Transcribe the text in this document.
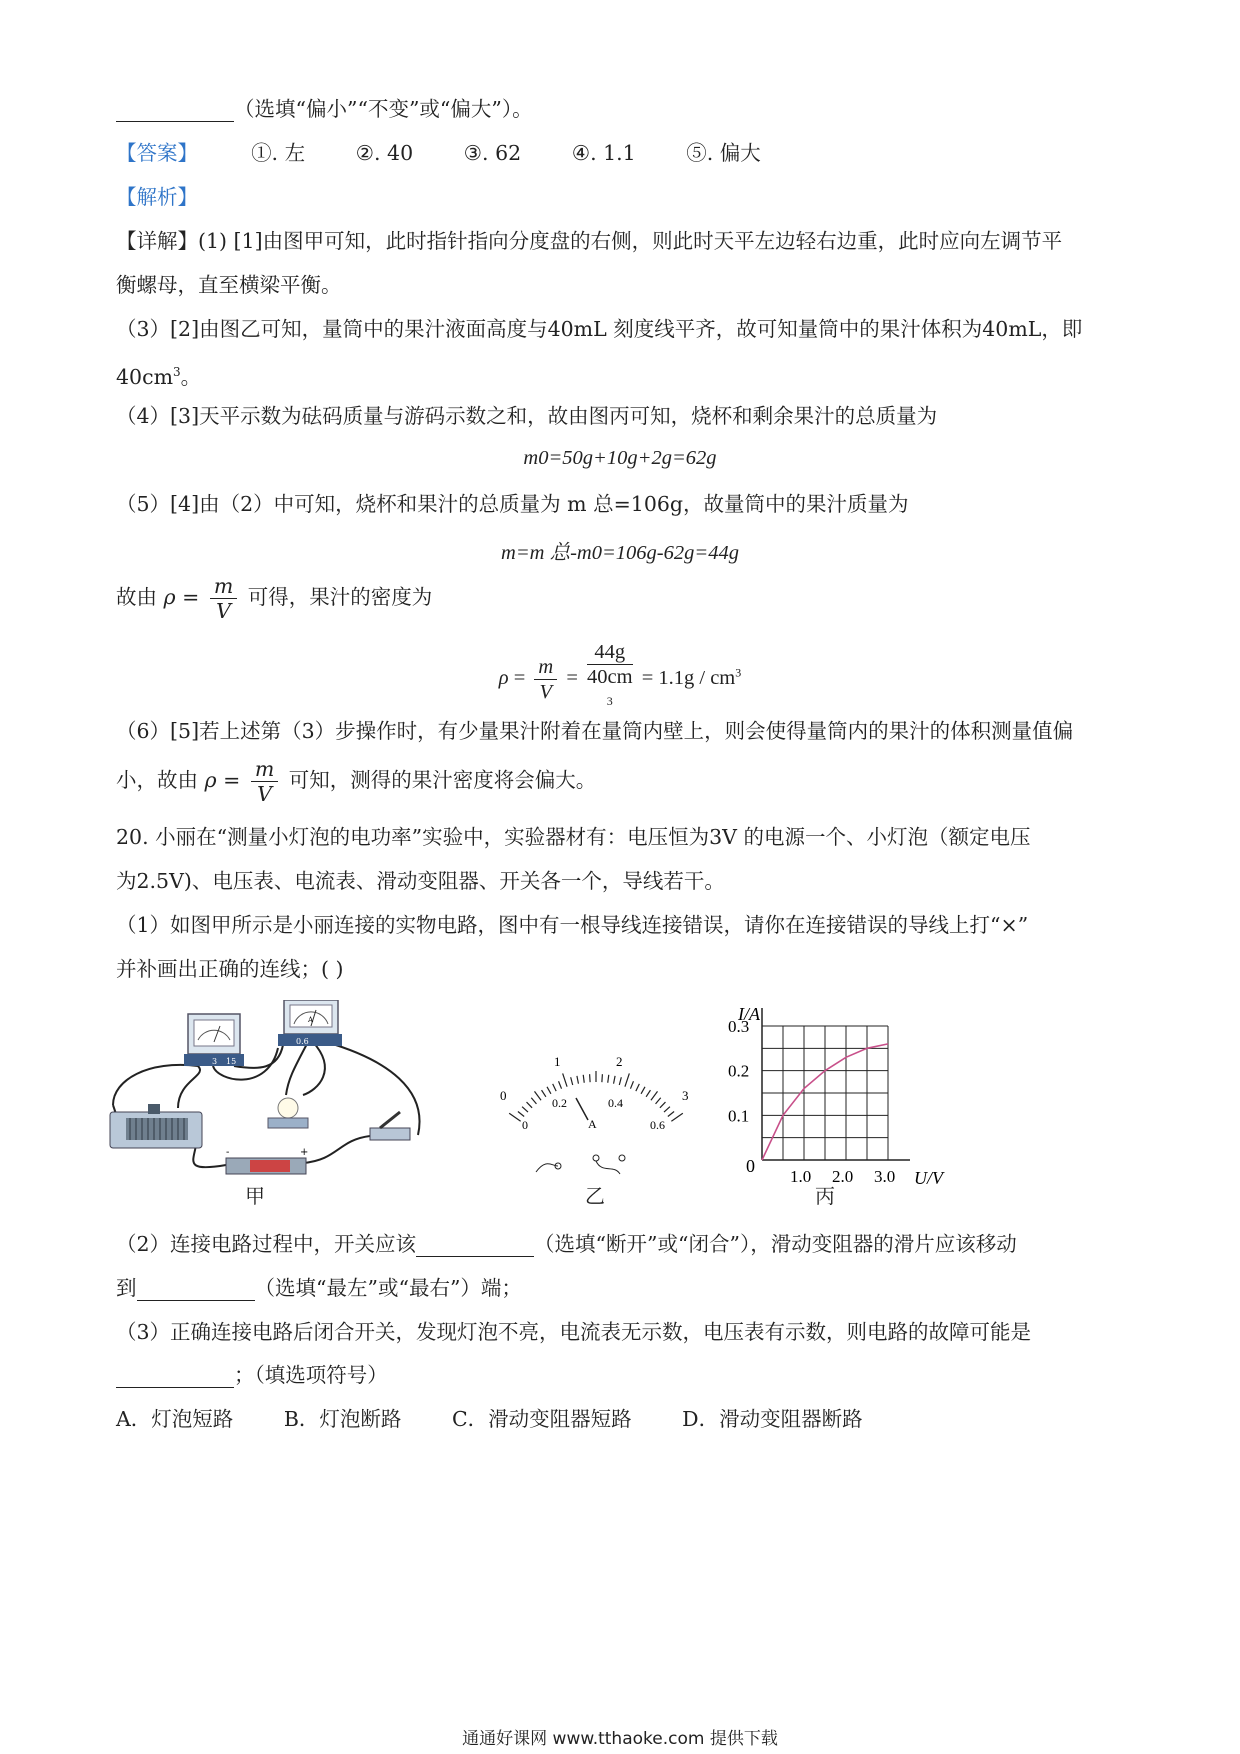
（选填“偏小”“不变”或“偏大”）。
【答案】	①. 左 ②. 40 ③. 62 ④. 1.1 ⑤. 偏大
【解析】
【详解】(1) [1]由图甲可知，此时指针指向分度盘的右侧，则此时天平左边轻右边重，此时应向左调节平
衡螺母，直至横梁平衡。
（3）[2]由图乙可知，量筒中的果汁液面高度与40mL 刻度线平齐，故可知量筒中的果汁体积为40mL，即
$40cm^3$。
（4）[3]天平示数为砝码质量与游码示数之和，故由图丙可知，烧杯和剩余果汁的总质量为
m0=50g+10g+2g=62g
（5）[4]由（2）中可知，烧杯和果汁的总质量为 m 总=106g，故量筒中的果汁质量为
m=m 总-m0=106g-62g=44g
故由 $\rho = \frac{m}{V}$ 可得，果汁的密度为
$\rho = \frac{m}{V} = 44g$
40cm
$^3 = 1.1g / cm^3$
（6）[5]若上述第（3）步操作时，有少量果汁附着在量筒内壁上，则会使得量筒内的果汁的体积测量值偏
小，故由 $\rho = \frac{m}{V}$ 可知，测得的果汁密度将会偏大。
20. 小丽在“测量小灯泡的电功率”实验中，实验器材有：电压恒为3V 的电源一个、小灯泡（额定电压
为2.5V)、电压表、电流表、滑动变阻器、开关各一个，导线若干。
（1）如图甲所示是小丽连接的实物电路，图中有一根导线连接错误，请你在连接错误的导线上打“×”
并补画出正确的连线；( )
3 15
A
0.6
-	+
甲
0
1	2
3
0
0.2	0.4
0.6
A
乙
I/A
U/V
0
0.1
0.2
0.3
1.0 2.0 3.0
丙
（2）连接电路过程中，开关应该	（选填“断开”或“闭合”），滑动变阻器的滑片应该移动
到	（选填“最左”或“最右”）端；
（3）正确连接电路后闭合开关，发现灯泡不亮，电流表无示数，电压表有示数，则电路的故障可能是
；（填选项符号）
A．灯泡短路 B．灯泡断路 C．滑动变阻器短路 D．滑动变阻器断路
通通好课网 www.tthaoke.com 提供下载
